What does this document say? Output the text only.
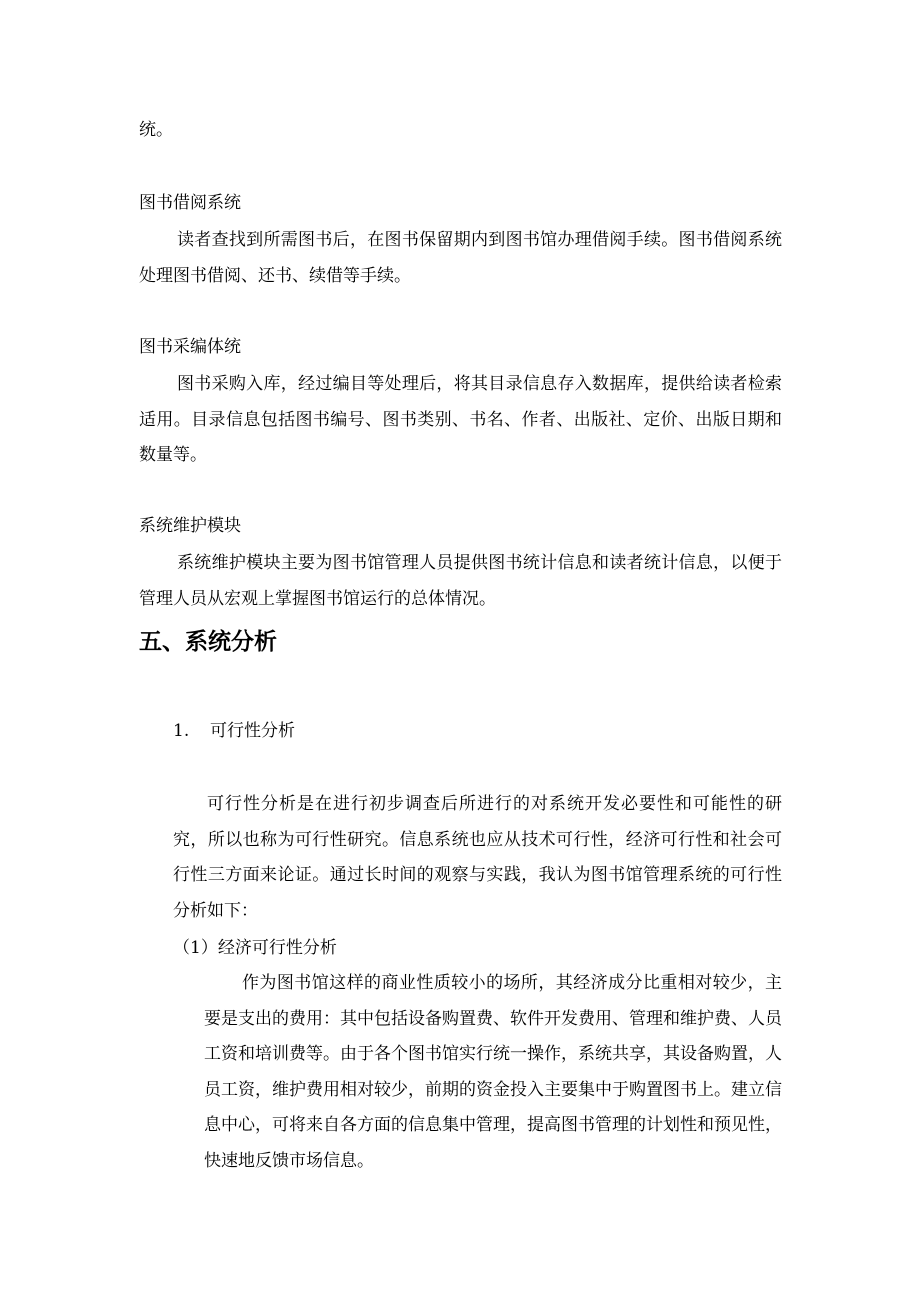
统。

图书借阅系统

读者查找到所需图书后，在图书保留期内到图书馆办理借阅手续。图书借阅系统处理图书借阅、还书、续借等手续。

图书采编体统

图书采购入库，经过编目等处理后，将其目录信息存入数据库，提供给读者检索适用。目录信息包括图书编号、图书类别、书名、作者、出版社、定价、出版日期和数量等。

系统维护模块

系统维护模块主要为图书馆管理人员提供图书统计信息和读者统计信息，以便于管理人员从宏观上掌握图书馆运行的总体情况。

五、系统分析

1. 可行性分析

可行性分析是在进行初步调查后所进行的对系统开发必要性和可能性的研究，所以也称为可行性研究。信息系统也应从技术可行性，经济可行性和社会可行性三方面来论证。通过长时间的观察与实践，我认为图书馆管理系统的可行性分析如下：

（1）经济可行性分析

作为图书馆这样的商业性质较小的场所，其经济成分比重相对较少，主要是支出的费用：其中包括设备购置费、软件开发费用、管理和维护费、人员工资和培训费等。由于各个图书馆实行统一操作，系统共享，其设备购置，人员工资，维护费用相对较少，前期的资金投入主要集中于购置图书上。建立信息中心，可将来自各方面的信息集中管理，提高图书管理的计划性和预见性，快速地反馈市场信息。
